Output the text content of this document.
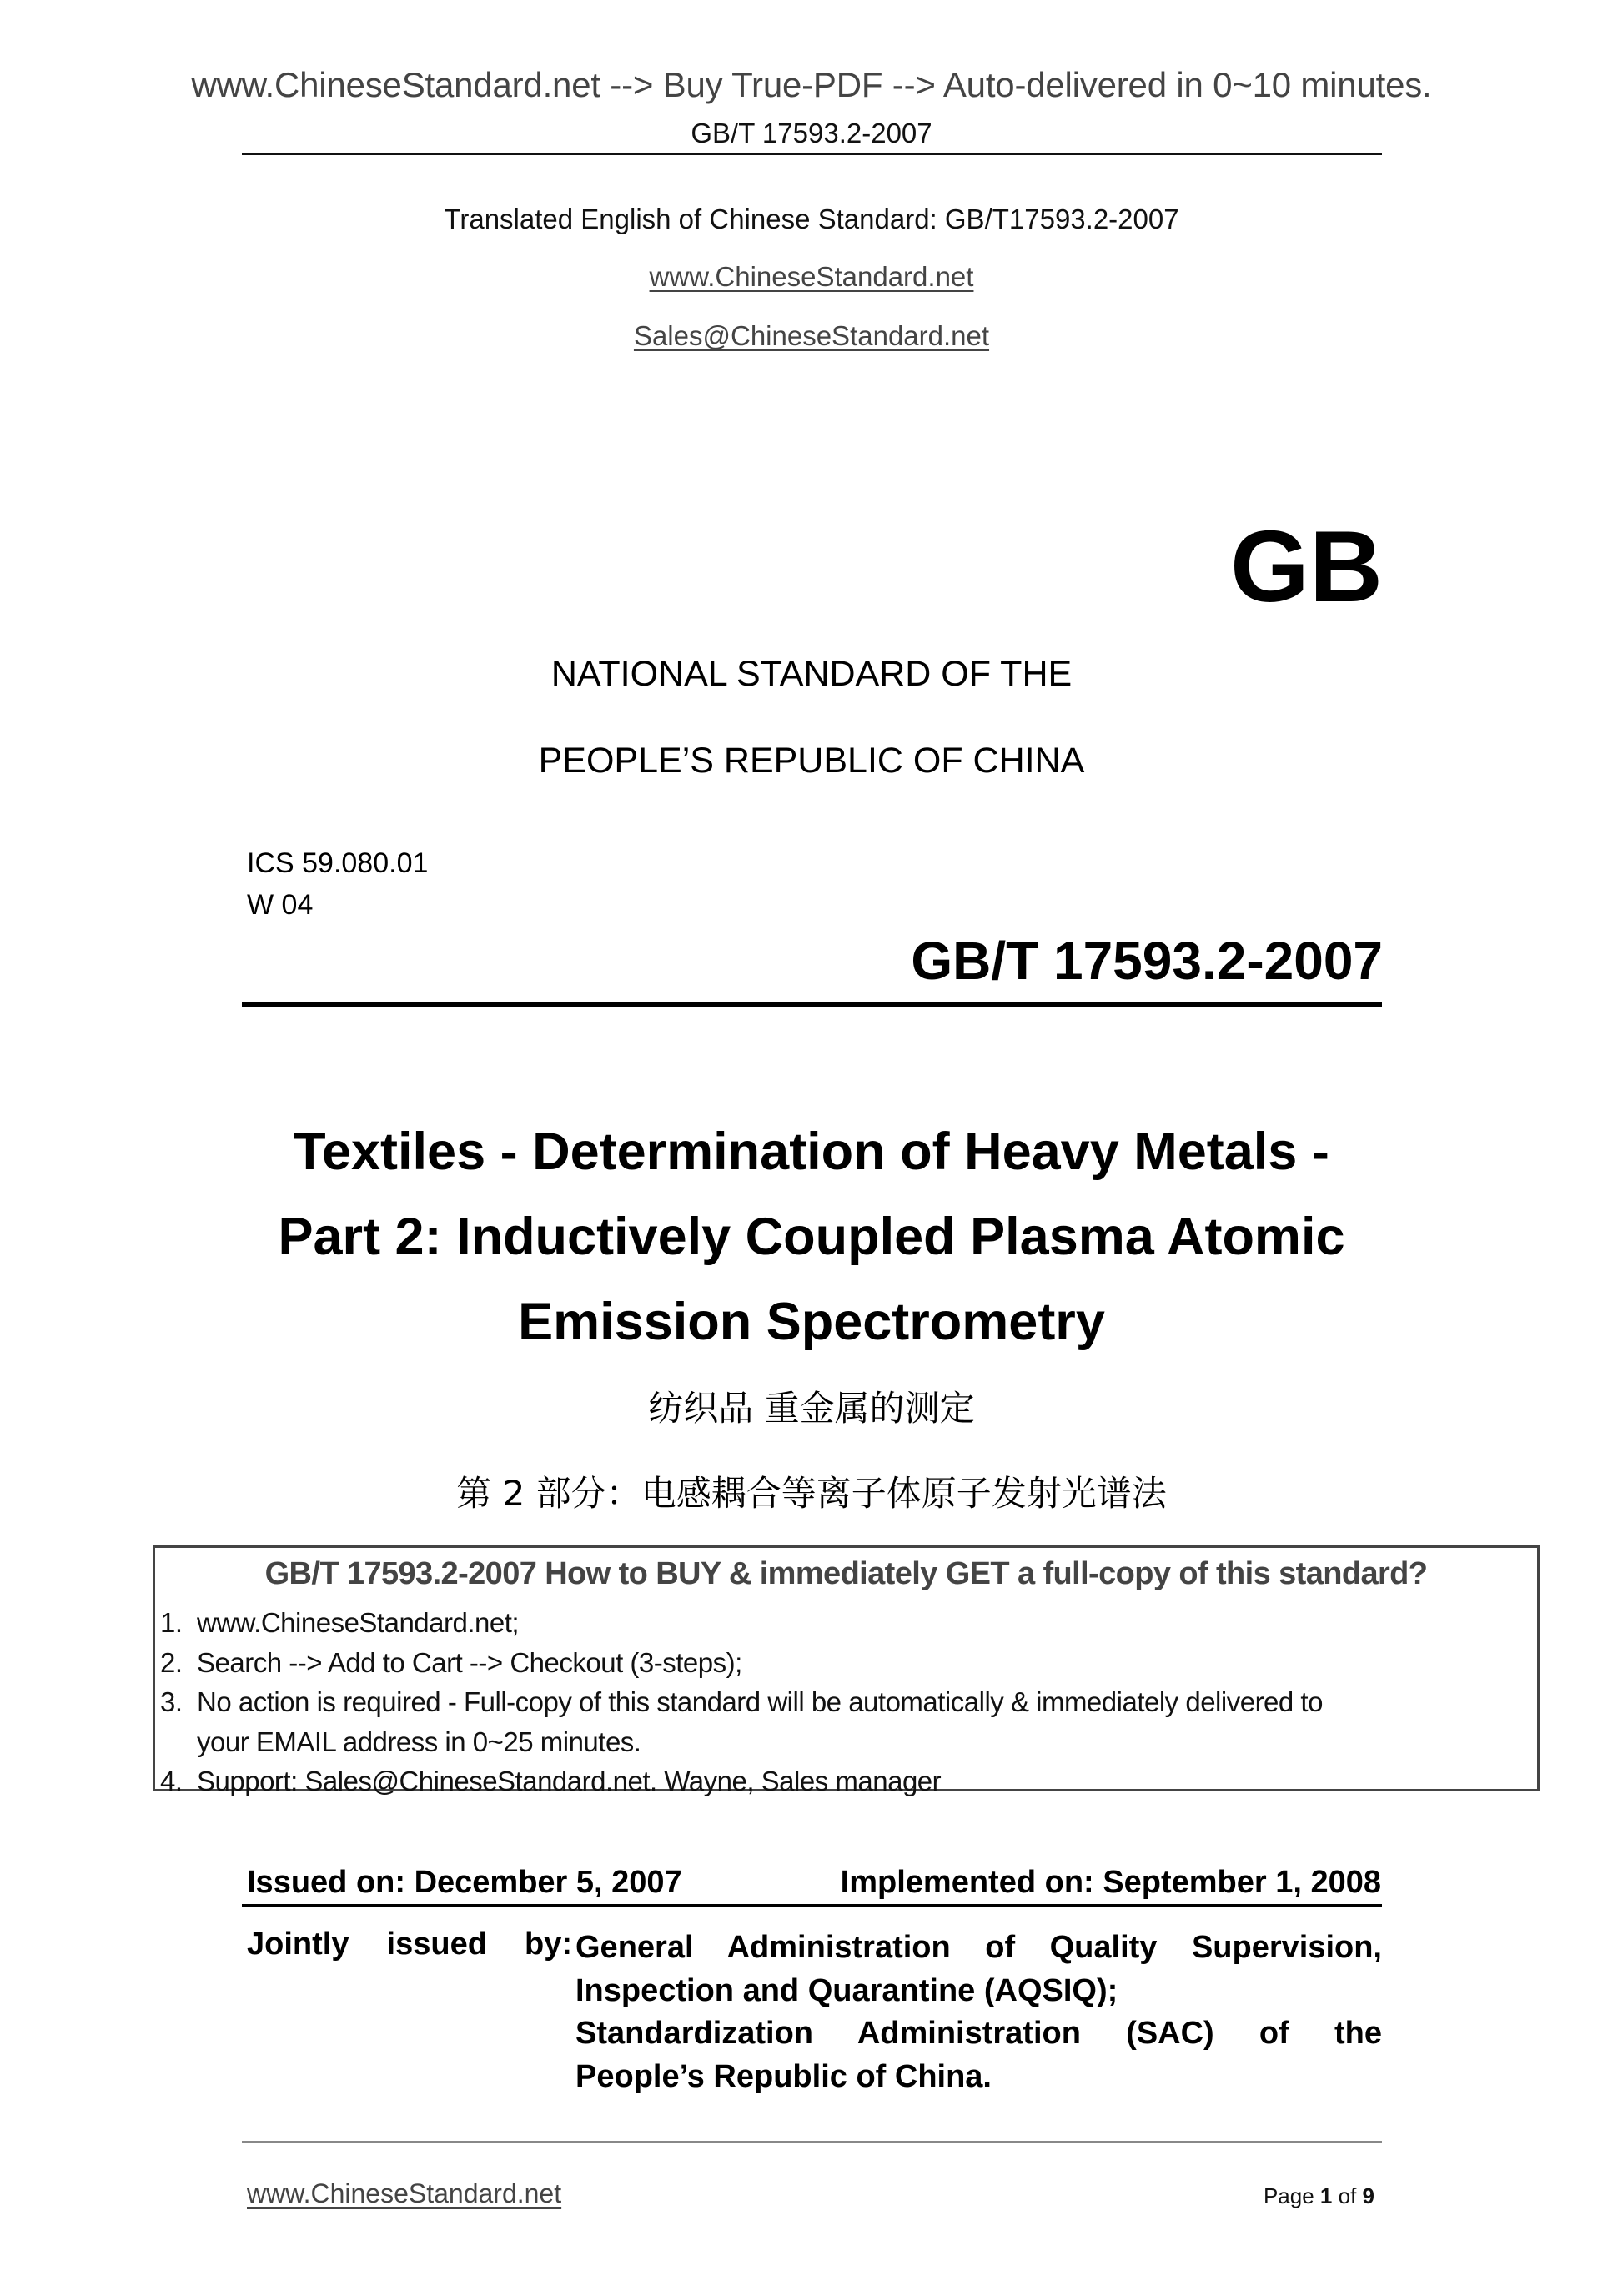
www.ChineseStandard.net --> Buy True-PDF --> Auto-delivered in 0~10 minutes.
GB/T 17593.2-2007
Translated English of Chinese Standard: GB/T17593.2-2007
www.ChineseStandard.net
Sales@ChineseStandard.net
GB
NATIONAL STANDARD OF THE
PEOPLE’S REPUBLIC OF CHINA
ICS 59.080.01
W 04
GB/T 17593.2-2007
Textiles - Determination of Heavy Metals -
Part 2: Inductively Coupled Plasma Atomic
Emission Spectrometry
纺织品 重金属的测定
第 2 部分：电感耦合等离子体原子发射光谱法
GB/T 17593.2-2007 How to BUY & immediately GET a full-copy of this standard?
1. www.ChineseStandard.net;
2. Search --> Add to Cart --> Checkout (3-steps);
3. No action is required - Full-copy of this standard will be automatically & immediately delivered to
your EMAIL address in 0~25 minutes.
4. Support: Sales@ChineseStandard.net. Wayne, Sales manager
Issued on: December 5, 2007	Implemented on: September 1, 2008
Jointly issued by: General Administration of Quality Supervision,
Inspection and Quarantine (AQSIQ);
Standardization Administration (SAC) of the
People’s Republic of China.
www.ChineseStandard.net	Page 1 of 9
